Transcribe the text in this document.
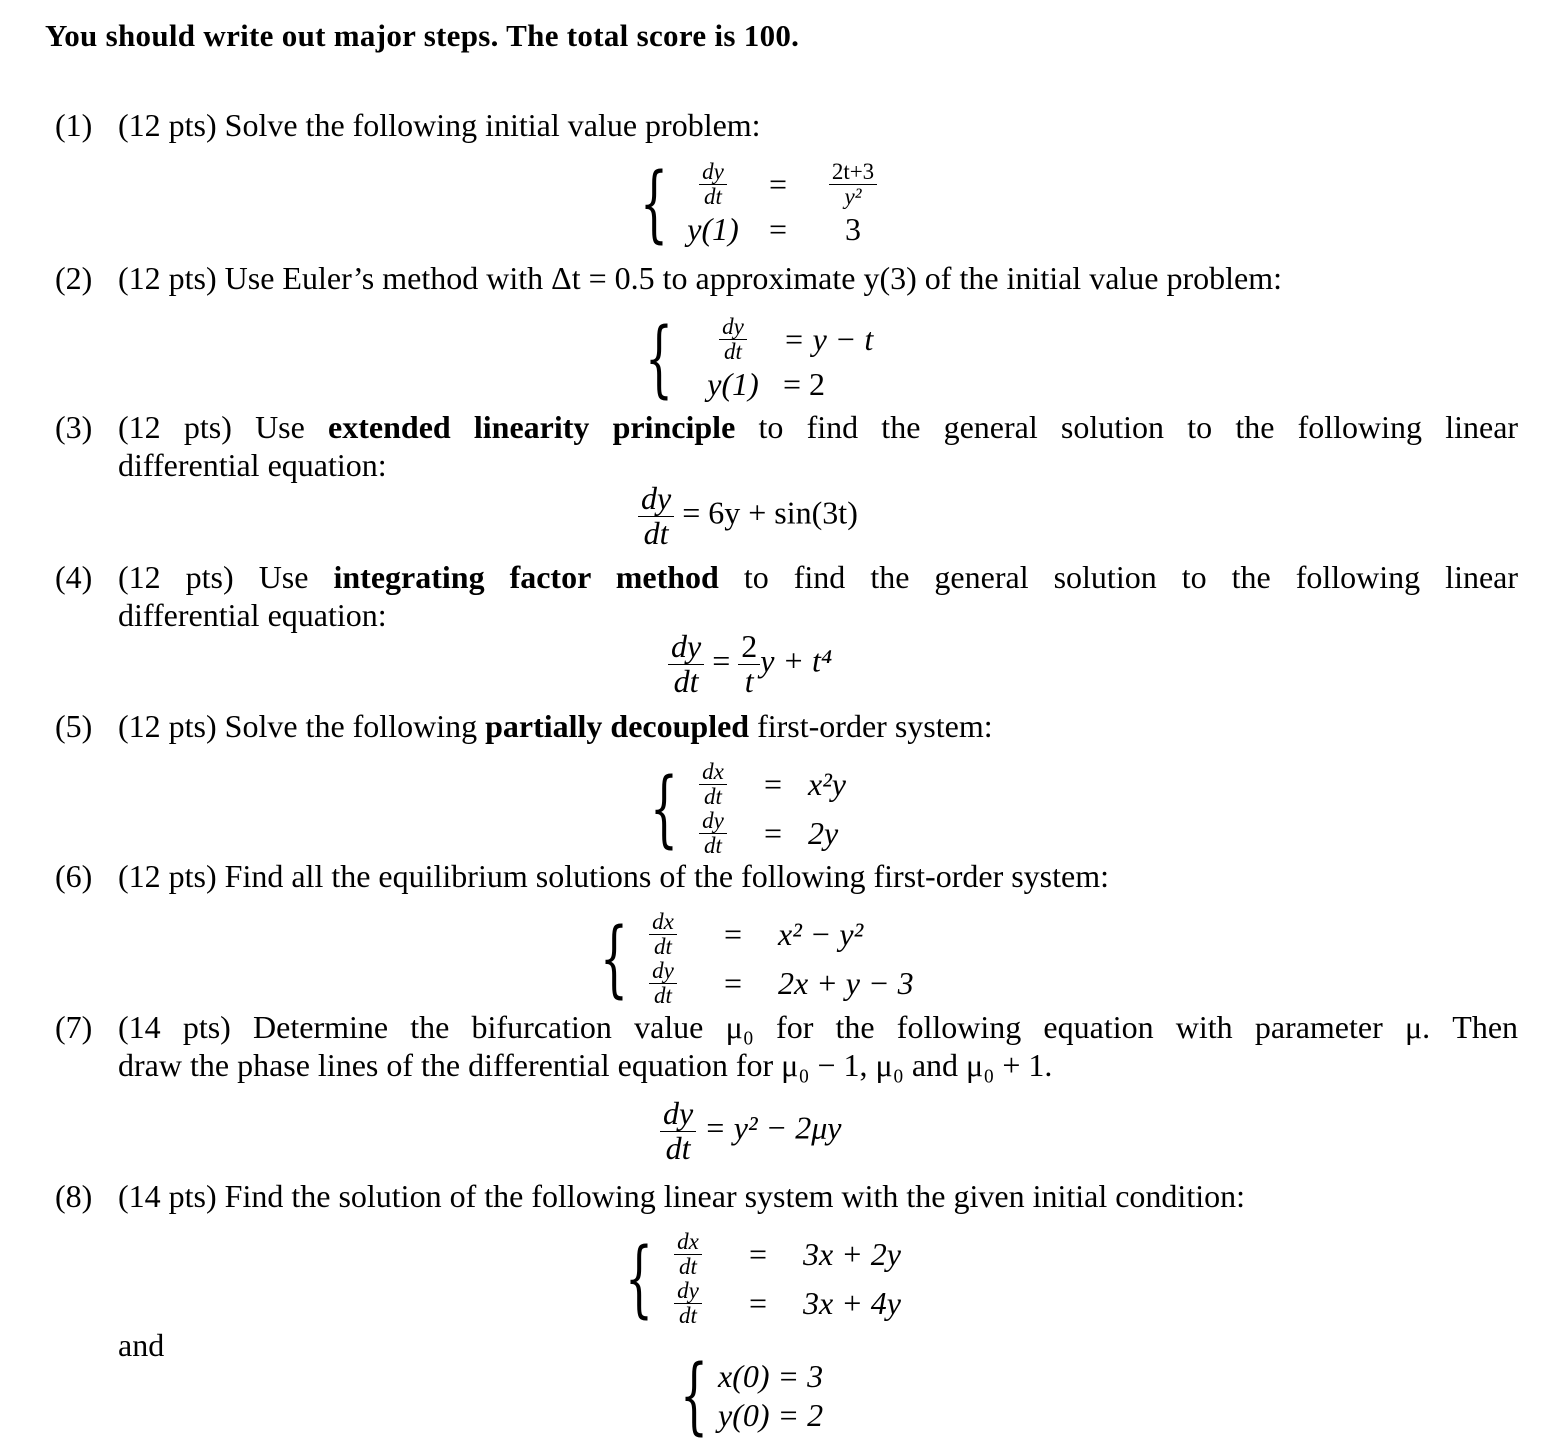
You should write out major steps. The total score is 100.
(1) (12 pts) Solve the following initial value problem:
{ $\frac{dy}{dt}$	=	$\frac{2t+3}{\text{y²}}$
y(1) =	3
(2) (12 pts) Use Euler’s method with Δt = 0.5 to approximate y(3) of the initial value problem:
{ $\frac{dy}{dt} = y - t$
y(1) = 2
(3) (12 pts) Use extended linearity principle to find the general solution to the following linear
differential equation:
$\frac{dy}{dt} = 6y + \sin(3t)$
(4) (12 pts) Use integrating factor method to find the general solution to the following linear
differential equation:
$\frac{dy}{dt} = \frac{2}{t}$ y + t⁴
(5) (12 pts) Solve the following partially decoupled first-order system:
{ $\frac{dx}{dt}$	= x²y
$\frac{dy}{dt}$	= 2y
(6) (12 pts) Find all the equilibrium solutions of the following first-order system:
{ $\frac{dx}{dt}$	=	x² − y²
$\frac{dy}{dt}$	=	2x + y − 3
(7) (14 pts) Determine the bifurcation value μ₀ for the following equation with parameter μ. Then
draw the phase lines of the differential equation for μ₀ − 1, μ₀ and μ₀ + 1.
$\frac{dy}{dt} = y^2 - 2\mu y$
(8) (14 pts) Find the solution of the following linear system with the given initial condition:
{ $\frac{dx}{dt}$	=	3x + 2y
$\frac{dy}{dt}$	=	3x + 4y
and
{ x(0) = 3
y(0) = 2
